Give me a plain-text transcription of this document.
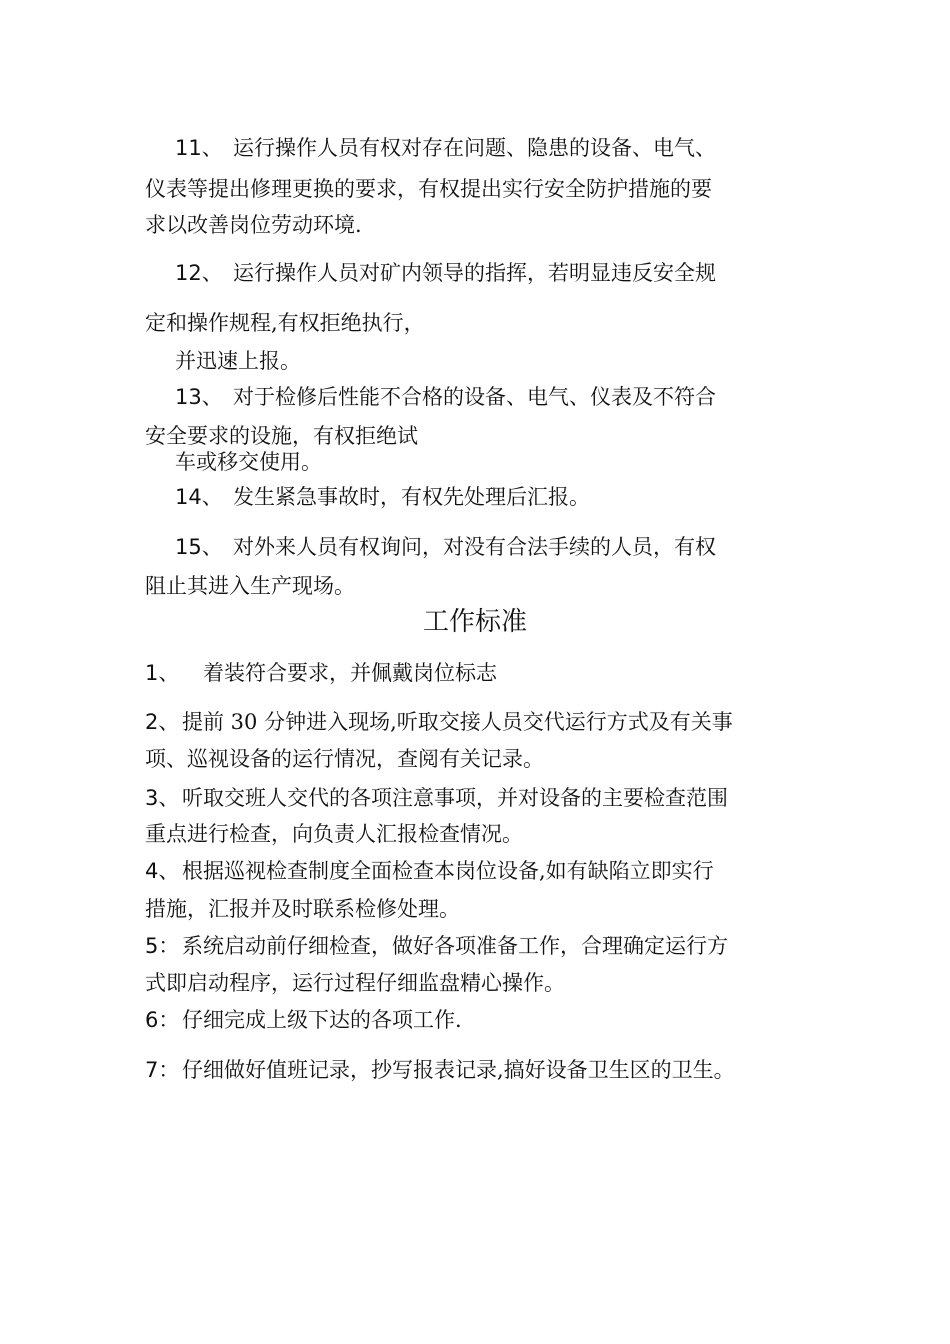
11、 运行操作人员有权对存在问题、隐患的设备、电气、
仪表等提出修理更换的要求，有权提出实行安全防护措施的要
求以改善岗位劳动环境.
12、 运行操作人员对矿内领导的指挥，若明显违反安全规
定和操作规程,有权拒绝执行，
并迅速上报。
13、 对于检修后性能不合格的设备、电气、仪表及不符合
安全要求的设施，有权拒绝试
车或移交使用。
14、 发生紧急事故时，有权先处理后汇报。
15、 对外来人员有权询问，对没有合法手续的人员，有权
阻止其进入生产现场。
工作标准
1、 着装符合要求，并佩戴岗位标志
2、 提前 30 分钟进入现场,听取交接人员交代运行方式及有关事
项、巡视设备的运行情况，查阅有关记录。
3、 听取交班人交代的各项注意事项，并对设备的主要检查范围
重点进行检查，向负责人汇报检查情况。
4、 根据巡视检查制度全面检查本岗位设备,如有缺陷立即实行
措施，汇报并及时联系检修处理。
5： 系统启动前仔细检查，做好各项准备工作，合理确定运行方
式即启动程序，运行过程仔细监盘精心操作。
6： 仔细完成上级下达的各项工作.
7： 仔细做好值班记录，抄写报表记录,搞好设备卫生区的卫生。
